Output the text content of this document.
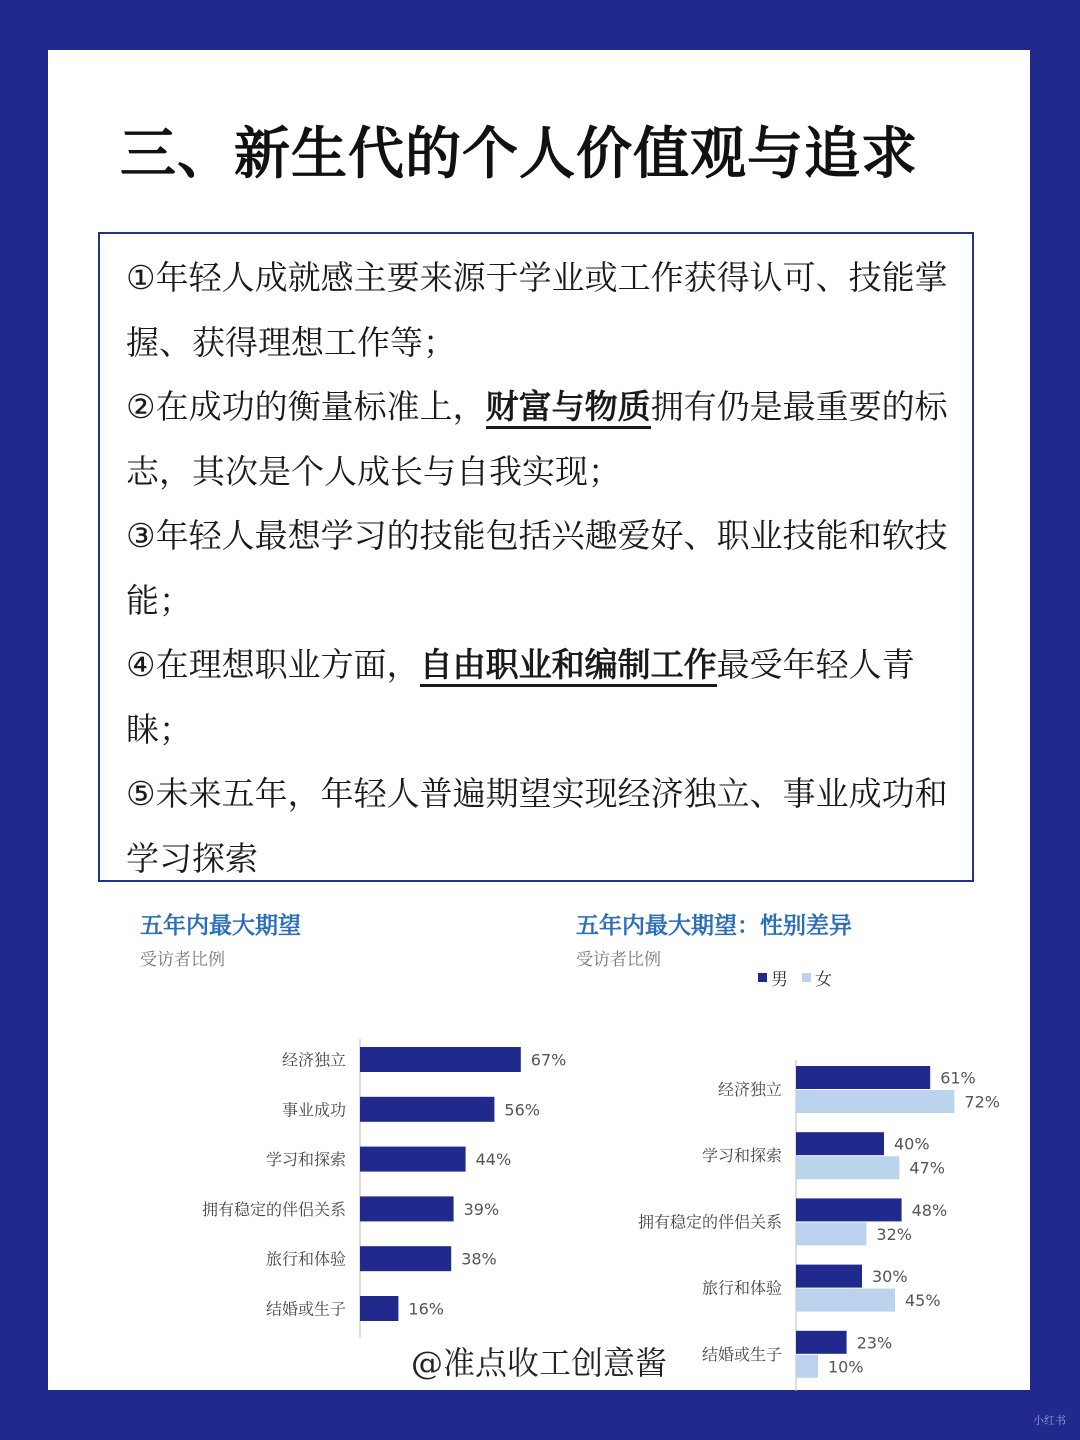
三、新生代的个人价值观与追求

①年轻人成就感主要来源于学业或工作获得认可、技能掌握、获得理想工作等；

②在成功的衡量标准上，财富与物质拥有仍是最重要的标志，其次是个人成长与自我实现；

③年轻人最想学习的技能包括兴趣爱好、职业技能和软技能；

④在理想职业方面，自由职业和编制工作最受年轻人青睐；

⑤未来五年，年轻人普遍期望实现经济独立、事业成功和学习探索

五年内最大期望
受访者比例
经济独立	67%
事业成功	56%
学习和探索	44%
拥有稳定的伴侣关系	39%
旅行和体验	38%
结婚或生子	16%
五年内最大期望：性别差异
受访者比例
男 女
经济独立
61%
72%
学习和探索
40%
47%
拥有稳定的伴侣关系
48%
32%
旅行和体验
30%
45%
结婚或生子
23%
10%
@准点收工创意酱
小红书
